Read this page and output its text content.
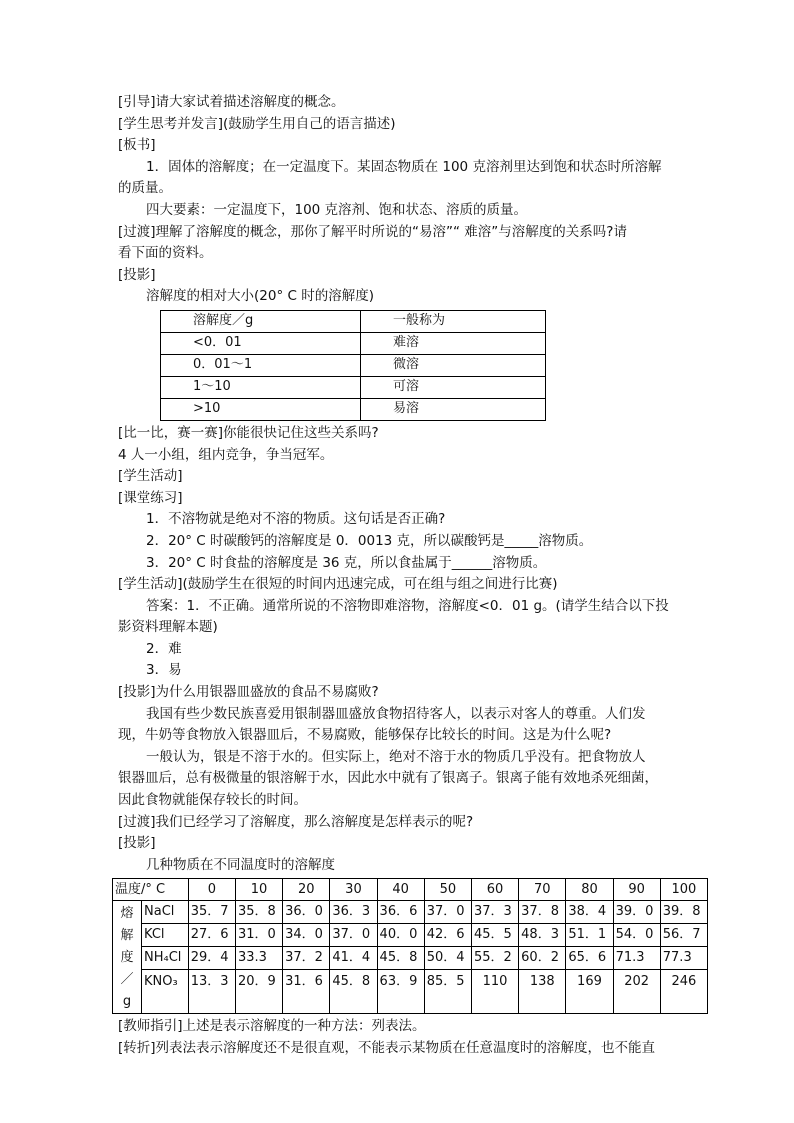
[引导]请大家试着描述溶解度的概念。
[学生思考并发言](鼓励学生用自己的语言描述)
[板书]
1．固体的溶解度；在一定温度下。某固态物质在 100 克溶剂里达到饱和状态时所溶解
的质量。
四大要素：一定温度下，100 克溶剂、饱和状态、溶质的质量。
[过渡]理解了溶解度的概念，那你了解平时所说的“易溶”“ 难溶”与溶解度的关系吗?请
看下面的资料。
[投影]
溶解度的相对大小(20° C 时的溶解度)
溶解度／g	一般称为
<0．01	难溶
0．01～1	微溶
1～10	可溶
>10	易溶
[比一比，赛一赛]你能很快记住这些关系吗?
4 人一小组，组内竞争，争当冠军。
[学生活动]
[课堂练习]
1．不溶物就是绝对不溶的物质。这句话是否正确?
2．20° C 时碳酸钙的溶解度是 0．0013 克，所以碳酸钙是_____溶物质。
3．20° C 时食盐的溶解度是 36 克，所以食盐属于______溶物质。
[学生活动](鼓励学生在很短的时间内迅速完成，可在组与组之间进行比赛)
答案：1．不正确。通常所说的不溶物即难溶物，溶解度<0．01 g。(请学生结合以下投
影资料理解本题)
2．难
3．易
[投影]为什么用银器皿盛放的食品不易腐败?
我国有些少数民族喜爱用银制器皿盛放食物招待客人，以表示对客人的尊重。人们发
现，牛奶等食物放入银器皿后，不易腐败，能够保存比较长的时间。这是为什么呢?
一般认为，银是不溶于水的。但实际上，绝对不溶于水的物质几乎没有。把食物放人
银器皿后，总有极微量的银溶解于水，因此水中就有了银离子。银离子能有效地杀死细菌，
因此食物就能保存较长的时间。
[过渡]我们已经学习了溶解度，那么溶解度是怎样表示的呢?
[投影]
几种物质在不同温度时的溶解度
温度/° C		0	10	20	30	40	50	60	70	80	90	100

熔
解
度
／
g	NaCl	35．7	35．8	36．0	36．3	36．6	37．0	37．3	37．8	38．4	39．0	39．8
	KCl	27．6	31．0	34．0	37．0	40．0	42．6	45．5	48．3	51．1	54．0	56．7
	NH₄Cl	29．4	33.3	37．2	41．4	45．8	50．4	55．2	60．2	65．6	71.3	77.3
	KNO₃	13．3	20．9	31．6	45．8	63．9	85．5	110	138	169	202	246
[教师指引]上述是表示溶解度的一种方法：列表法。
[转折]列表法表示溶解度还不是很直观，不能表示某物质在任意温度时的溶解度，也不能直
